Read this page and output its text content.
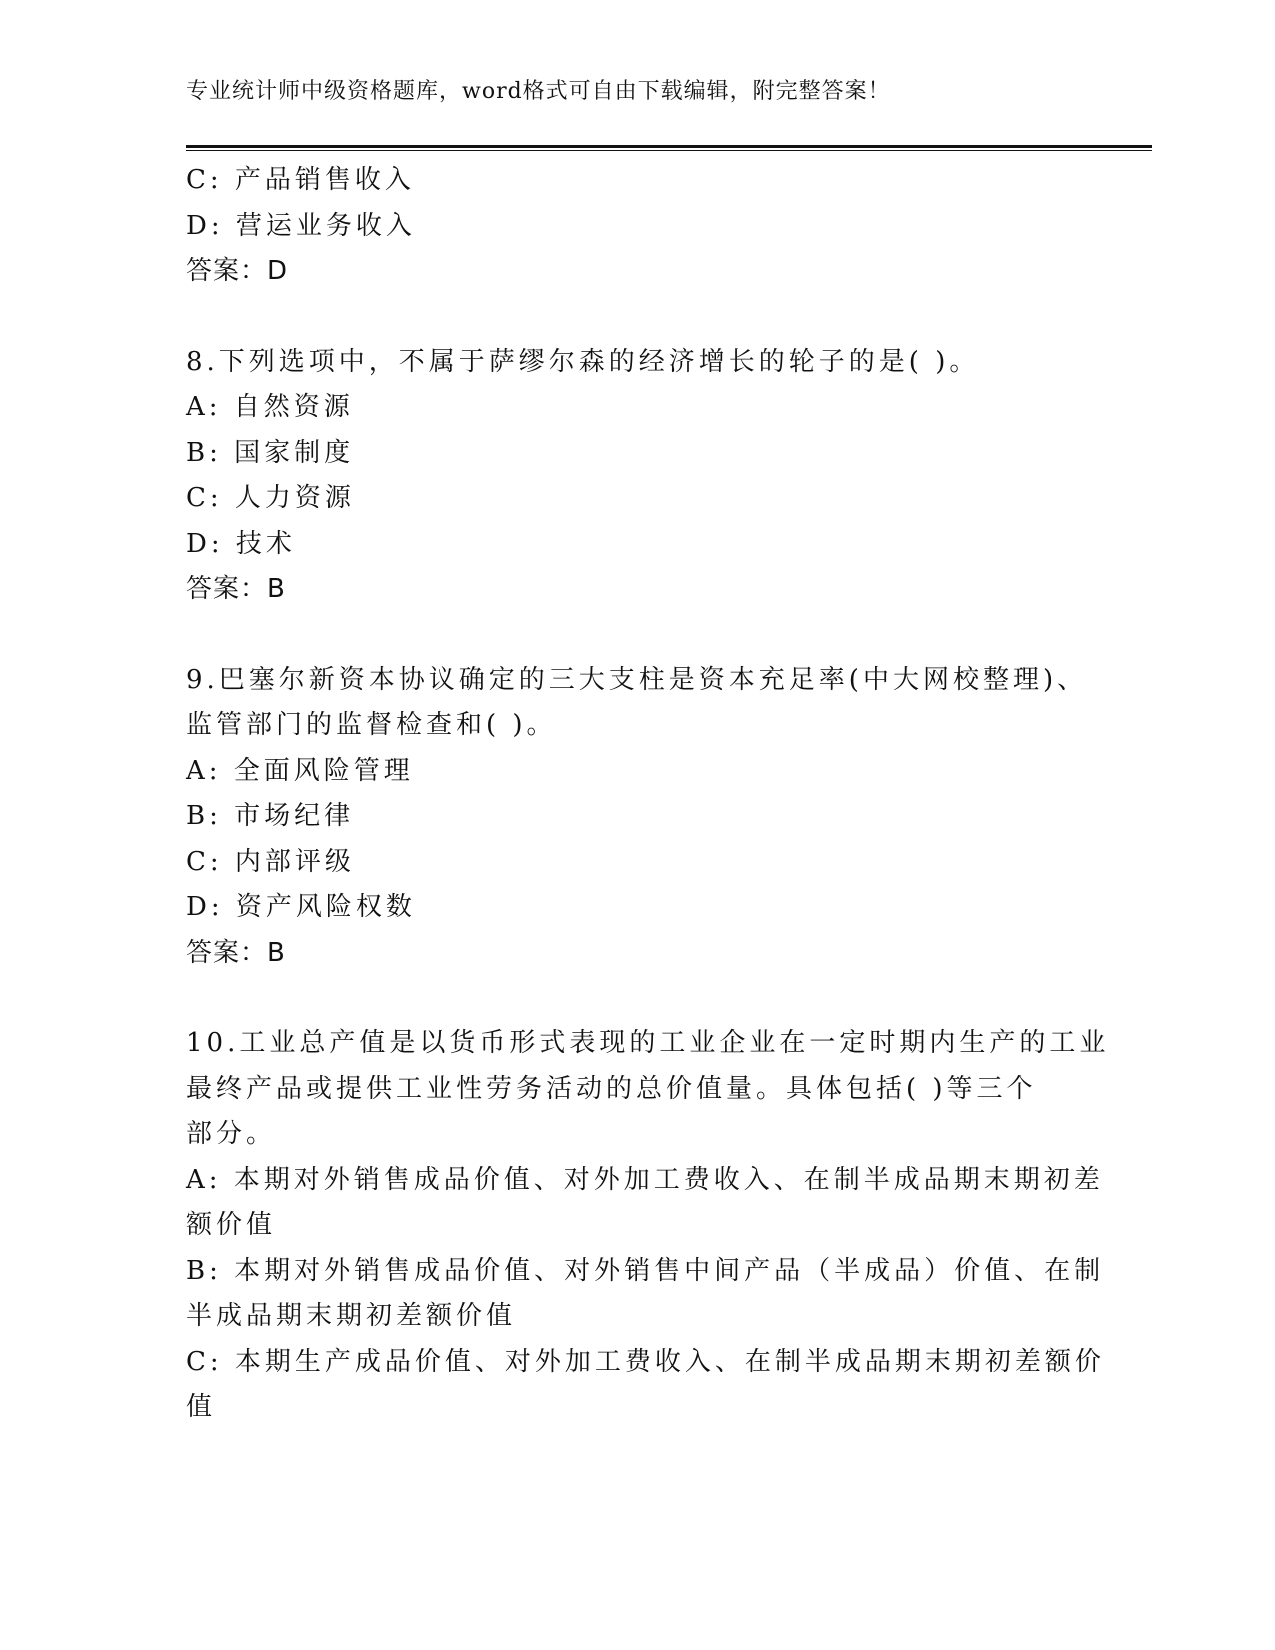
专业统计师中级资格题库，word格式可自由下载编辑，附完整答案！
C: 产品销售收入
D: 营运业务收入
答案：D
8.下列选项中，不属于萨缪尔森的经济增长的轮子的是( )。
A: 自然资源
B: 国家制度
C: 人力资源
D: 技术
答案：B
9.巴塞尔新资本协议确定的三大支柱是资本充足率(中大网校整理)、
监管部门的监督检查和( )。
A: 全面风险管理
B: 市场纪律
C: 内部评级
D: 资产风险权数
答案：B
10.工业总产值是以货币形式表现的工业企业在一定时期内生产的工业
最终产品或提供工业性劳务活动的总价值量。具体包括( )等三个
部分。
A: 本期对外销售成品价值、对外加工费收入、在制半成品期末期初差
额价值
B: 本期对外销售成品价值、对外销售中间产品（半成品）价值、在制
半成品期末期初差额价值
C: 本期生产成品价值、对外加工费收入、在制半成品期末期初差额价
值
